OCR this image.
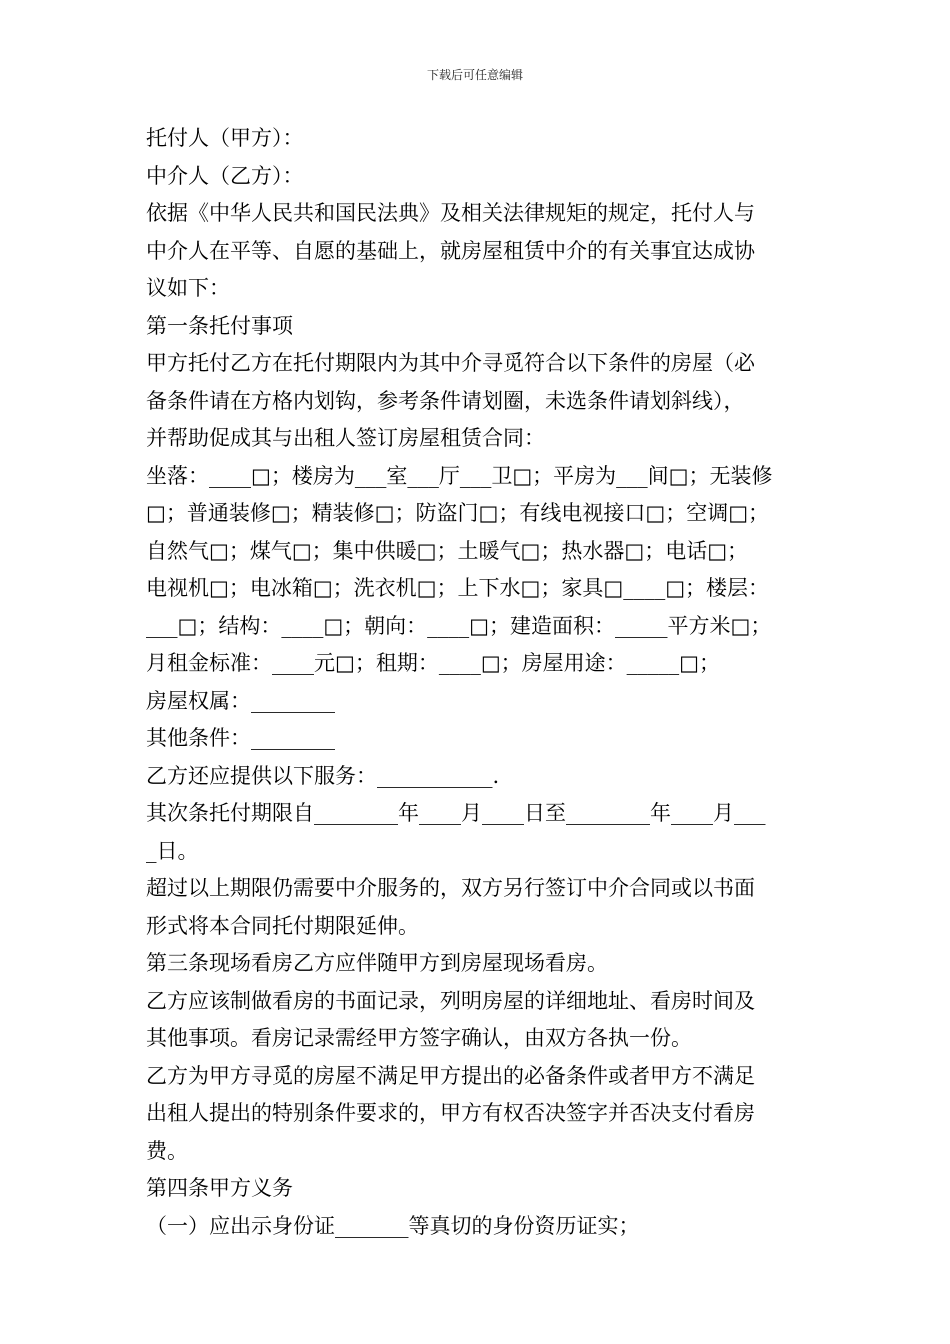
下载后可任意编辑
托付人（甲方）：
中介人（乙方）：
依据《中华人民共和国民法典》及相关法律规矩的规定，托付人与
中介人在平等、自愿的基础上，就房屋租赁中介的有关事宜达成协
议如下：
第一条托付事项
甲方托付乙方在托付期限内为其中介寻觅符合以下条件的房屋（必
备条件请在方格内划钩，参考条件请划圈，未选条件请划斜线），
并帮助促成其与出租人签订房屋租赁合同：
坐落：____□；楼房为___室___厅___卫□；平房为___间□；无装修
□；普通装修□；精装修□；防盗门□；有线电视接口□；空调□；
自然气□；煤气□；集中供暖□；土暖气□；热水器□；电话□；
电视机□；电冰箱□；洗衣机□；上下水□；家具□____□；楼层：
___□；结构：____□；朝向：____□；建造面积：_____平方米□；
月租金标准：____元□；租期：____□；房屋用途：_____□；
房屋权属：________
其他条件：________
乙方还应提供以下服务：___________.
其次条托付期限自________年____月____日至________年____月___
_日。
超过以上期限仍需要中介服务的，双方另行签订中介合同或以书面
形式将本合同托付期限延伸。
第三条现场看房乙方应伴随甲方到房屋现场看房。
乙方应该制做看房的书面记录，列明房屋的详细地址、看房时间及
其他事项。看房记录需经甲方签字确认，由双方各执一份。
乙方为甲方寻觅的房屋不满足甲方提出的必备条件或者甲方不满足
出租人提出的特别条件要求的，甲方有权否决签字并否决支付看房
费。
第四条甲方义务
（一）应出示身份证_______等真切的身份资历证实；
